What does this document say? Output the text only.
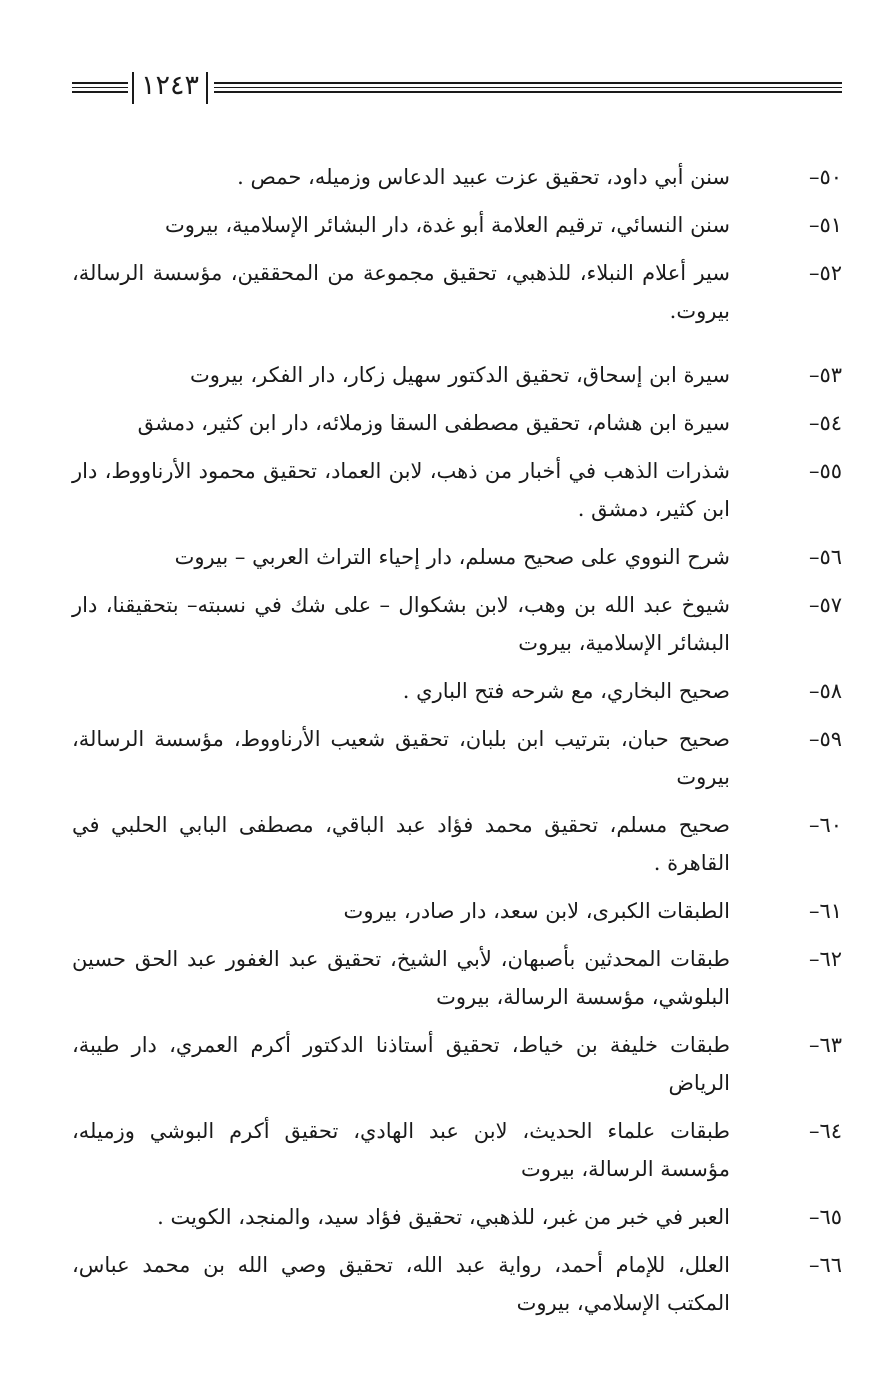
١٢٤٣
٥٠–
سنن أبي داود، تحقيق عزت عبيد الدعاس وزميله، حمص .
٥١–
سنن النسائي، ترقيم العلامة أبو غدة، دار البشائر الإسلامية، بيروت
٥٢–
سير أعلام النبلاء، للذهبي، تحقيق مجموعة من المحققين، مؤسسة الرسالة، بيروت.
٥٣–
سيرة ابن إسحاق، تحقيق الدكتور سهيل زكار، دار الفكر، بيروت
٥٤–
سيرة ابن هشام، تحقيق مصطفى السقا وزملائه، دار ابن كثير، دمشق
٥٥–
شذرات الذهب في أخبار من ذهب، لابن العماد، تحقيق محمود الأرناووط، دار ابن كثير، دمشق .
٥٦–
شرح النووي على صحيح مسلم، دار إحياء التراث العربي – بيروت
٥٧–
شيوخ عبد الله بن وهب، لابن بشكوال – على شك في نسبته– بتحقيقنا، دار البشائر الإسلامية، بيروت
٥٨–
صحيح البخاري، مع شرحه فتح الباري .
٥٩–
صحيح حبان، بترتيب ابن بلبان، تحقيق شعيب الأرناووط، مؤسسة الرسالة، بيروت
٦٠–
صحيح مسلم، تحقيق محمد فؤاد عبد الباقي، مصطفى البابي الحلبي في القاهرة .
٦١–
الطبقات الكبرى، لابن سعد، دار صادر، بيروت
٦٢–
طبقات المحدثين بأصبهان، لأبي الشيخ، تحقيق عبد الغفور عبد الحق حسين البلوشي، مؤسسة الرسالة، بيروت
٦٣–
طبقات خليفة بن خياط، تحقيق أستاذنا الدكتور أكرم العمري، دار طيبة، الرياض
٦٤–
طبقات علماء الحديث، لابن عبد الهادي، تحقيق أكرم البوشي وزميله، مؤسسة الرسالة، بيروت
٦٥–
العبر في خبر من غبر، للذهبي، تحقيق فؤاد سيد، والمنجد، الكويت .
٦٦–
العلل، للإمام أحمد، رواية عبد الله، تحقيق وصي الله بن محمد عباس، المكتب الإسلامي، بيروت
